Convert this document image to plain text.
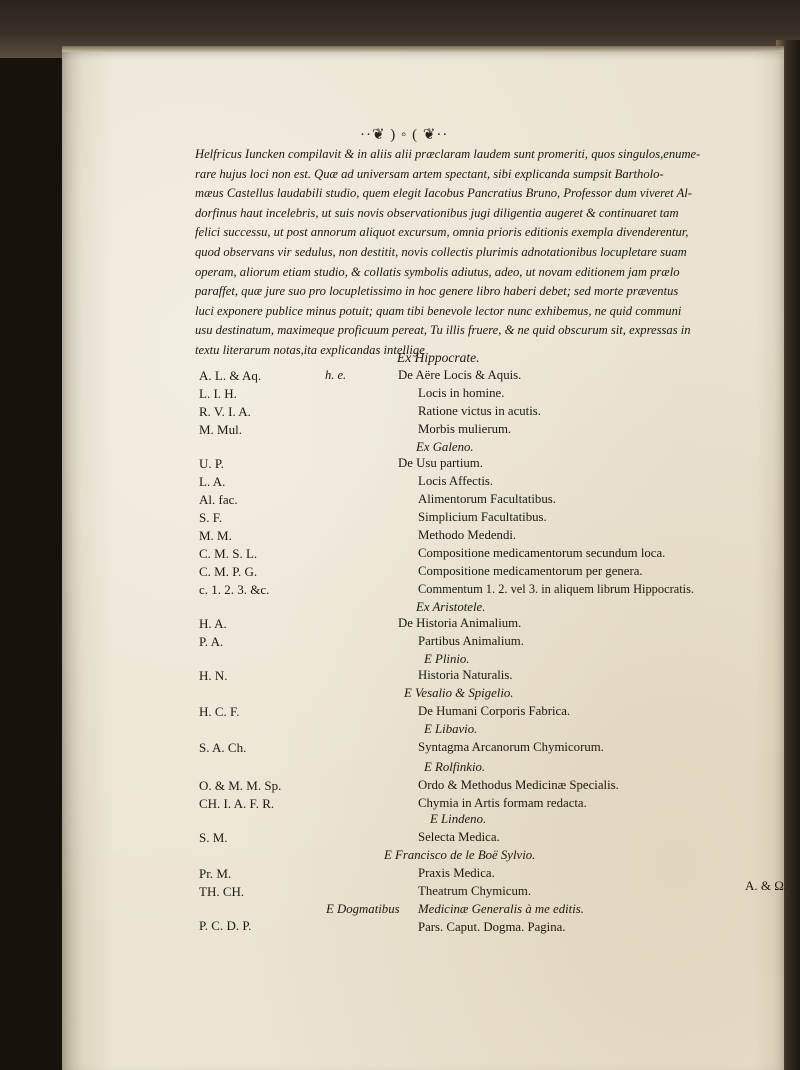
··❦ ) ◦ ( ❦··
Helfricus Iuncken compilavit & in aliis alii præclaram laudem sunt promeriti, quos singulos,enume-
rare hujus loci non est. Quæ ad universam artem spectant, sibi explicanda sumpsit Bartholo-
mæus Castellus laudabili studio, quem elegit Iacobus Pancratius Bruno, Professor dum viveret Al-
dorfinus haut incelebris, ut suis novis observationibus jugi diligentia augeret & continuaret tam
felici successu, ut post annorum aliquot excursum, omnia prioris editionis exempla divenderentur,
quod observans vir sedulus, non destitit, novis collectis plurimis adnotationibus locupletare suam
operam, aliorum etiam studio, & collatis symbolis adiutus, adeo, ut novam editionem jam prælo
paraffet, quæ jure suo pro locupletissimo in hoc genere libro haberi debet; sed morte præventus
luci exponere publice minus potuit; quam tibi benevole lector nunc exhibemus, ne quid communi
usu destinatum, maximeque proficuum pereat, Tu illis fruere, & ne quid obscurum sit, expressas in
textu literarum notas,ita explicandas intellige
A. L. & Aq.
L. I. H.
R. V. I. A.
M. Mul.
U. P.
L. A.
Al. fac.
S. F.
M. M.
C. M. S. L.
C. M. P. G.
c. 1. 2. 3. &c.
H. A.
P. A.
H. N.
H. C. F.
S. A. Ch.
O. & M. M. Sp.
CH. I. A. F. R.
S. M.
Pr. M.
TH. CH.
P. C. D. P.
h. e.
Ex Hippocrate.
Ex Galeno.
Ex Aristotele.
E Plinio.
E Vesalio & Spigelio.
E Libavio.
E Rolfinkio.
E Lindeno.
E Francisco de le Boë Sylvio.
E Dogmatibus
De Aëre Locis & Aquis.
Locis in homine.
Ratione victus in acutis.
Morbis mulierum.
De Usu partium.
Locis Affectis.
Alimentorum Facultatibus.
Simplicium Facultatibus.
Methodo Medendi.
Compositione medicamentorum secundum loca.
Compositione medicamentorum per genera.
Commentum 1. 2. vel 3. in aliquem librum Hippocratis.
De Historia Animalium.
Partibus Animalium.
Historia Naturalis.
De Humani Corporis Fabrica.
Syntagma Arcanorum Chymicorum.
Ordo & Methodus Medicinæ Specialis.
Chymia in Artis formam redacta.
Selecta Medica.
Praxis Medica.
Theatrum Chymicum.
Medicinæ Generalis à me editis.
Pars. Caput. Dogma. Pagina.
A. & Ω.
